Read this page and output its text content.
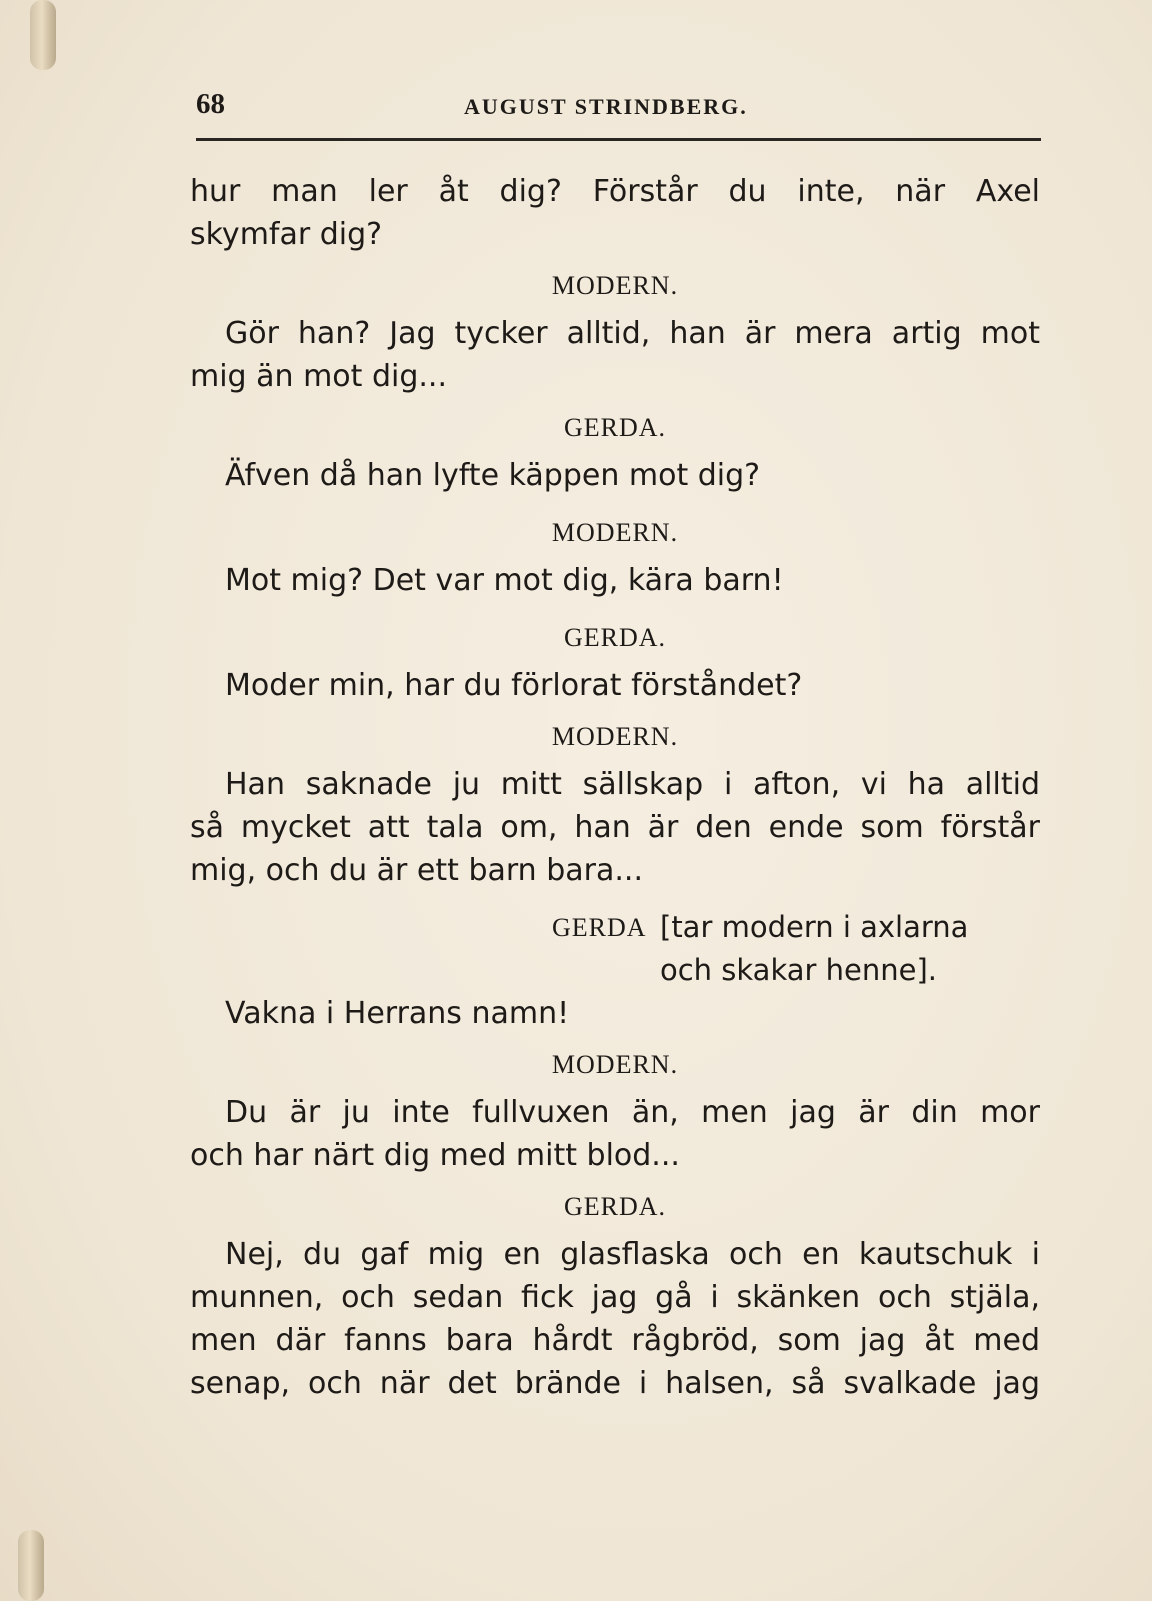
68	AUGUST STRINDBERG.
hur man ler åt dig? Förstår du inte, när Axel
skymfar dig?
MODERN.
Gör han? Jag tycker alltid, han är mera artig mot
mig än mot dig...
GERDA.
Äfven då han lyfte käppen mot dig?
MODERN.
Mot mig? Det var mot dig, kära barn!
GERDA.
Moder min, har du förlorat förståndet?
MODERN.
Han saknade ju mitt sällskap i afton, vi ha alltid
så mycket att tala om, han är den ende som förstår
mig, och du är ett barn bara...
GERDA [tar modern i axlarna
och skakar henne].
Vakna i Herrans namn!
MODERN.
Du är ju inte fullvuxen än, men jag är din mor
och har närt dig med mitt blod...
GERDA.
Nej, du gaf mig en glasflaska och en kautschuk i
munnen, och sedan fick jag gå i skänken och stjäla,
men där fanns bara hårdt rågbröd, som jag åt med
senap, och när det brände i halsen, så svalkade jag
